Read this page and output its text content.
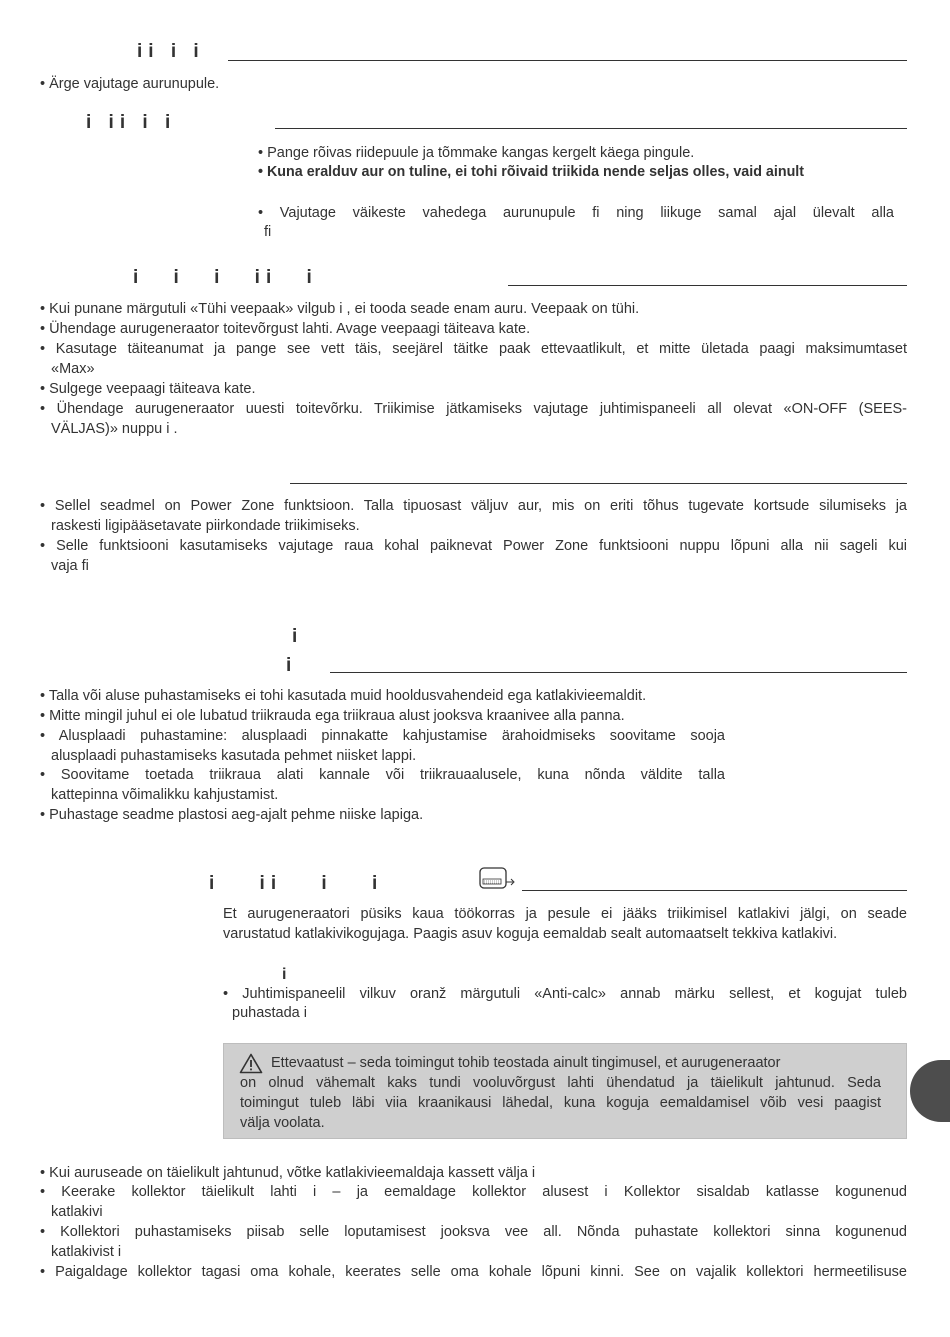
ii i i
• Ärge vajutage aurunupule.
i ii i i
• Pange rõivas riidepuule ja tõmmake kangas kergelt käega pingule.
• Kuna eralduv aur on tuline, ei tohi rõivaid triikida nende seljas olles, vaid ainult
• Vajutage väikeste vahedega aurunupule fi ning liikuge samal ajal ülevalt alla
fi
i i i ii i
• Kui punane märgutuli «Tühi veepaak» vilgub i , ei tooda seade enam auru. Veepaak on tühi.
• Ühendage aurugeneraator toitevõrgust lahti. Avage veepaagi täiteava kate.
• Kasutage täiteanumat ja pange see vett täis, seejärel täitke paak ettevaatlikult, et mitte ületada paagi maksimumtaset
«Max»
• Sulgege veepaagi täiteava kate.
• Ühendage aurugeneraator uuesti toitevõrku. Triikimise jätkamiseks vajutage juhtimispaneeli all olevat «ON-OFF (SEES-
VÄLJAS)» nuppu i .
• Sellel seadmel on Power Zone funktsioon. Talla tipuosast väljuv aur, mis on eriti tõhus tugevate kortsude silumiseks ja
raskesti ligipääsetavate piirkondade triikimiseks.
• Selle funktsiooni kasutamiseks vajutage raua kohal paiknevat Power Zone funktsiooni nuppu lõpuni alla nii sageli kui
vaja fi
i
i
• Talla või aluse puhastamiseks ei tohi kasutada muid hooldusvahendeid ega katlakivieemaldit.
• Mitte mingil juhul ei ole lubatud triikrauda ega triikraua alust jooksva kraanivee alla panna.
• Alusplaadi puhastamine: alusplaadi pinnakatte kahjustamise ärahoidmiseks soovitame sooja
alusplaadi puhastamiseks kasutada pehmet niisket lappi.
• Soovitame toetada triikraua alati kannale või triikrauaalusele, kuna nõnda väldite talla
kattepinna võimalikku kahjustamist.
• Puhastage seadme plastosi aeg-ajalt pehme niiske lapiga.
i ii i i
Et aurugeneraatori püsiks kaua töökorras ja pesule ei jääks triikimisel katlakivi jälgi, on seade
varustatud katlakivikogujaga. Paagis asuv koguja eemaldab sealt automaatselt tekkiva katlakivi.
i
• Juhtimispaneelil vilkuv oranž märgutuli «Anti-calc» annab märku sellest, et kogujat tuleb
puhastada i
Ettevaatust – seda toimingut tohib teostada ainult tingimusel, et aurugeneraator
on olnud vähemalt kaks tundi vooluvõrgust lahti ühendatud ja täielikult jahtunud. Seda
toimingut tuleb läbi viia kraanikausi lähedal, kuna koguja eemaldamisel võib vesi paagist
välja voolata.
• Kui auruseade on täielikult jahtunud, võtke katlakivieemaldaja kassett välja i
• Keerake kollektor täielikult lahti i – ja eemaldage kollektor alusest i Kollektor sisaldab katlasse kogunenud
katlakivi
• Kollektori puhastamiseks piisab selle loputamisest jooksva vee all. Nõnda puhastate kollektori sinna kogunenud
katlakivist i
• Paigaldage kollektor tagasi oma kohale, keerates selle oma kohale lõpuni kinni. See on vajalik kollektori hermeetilisuse
